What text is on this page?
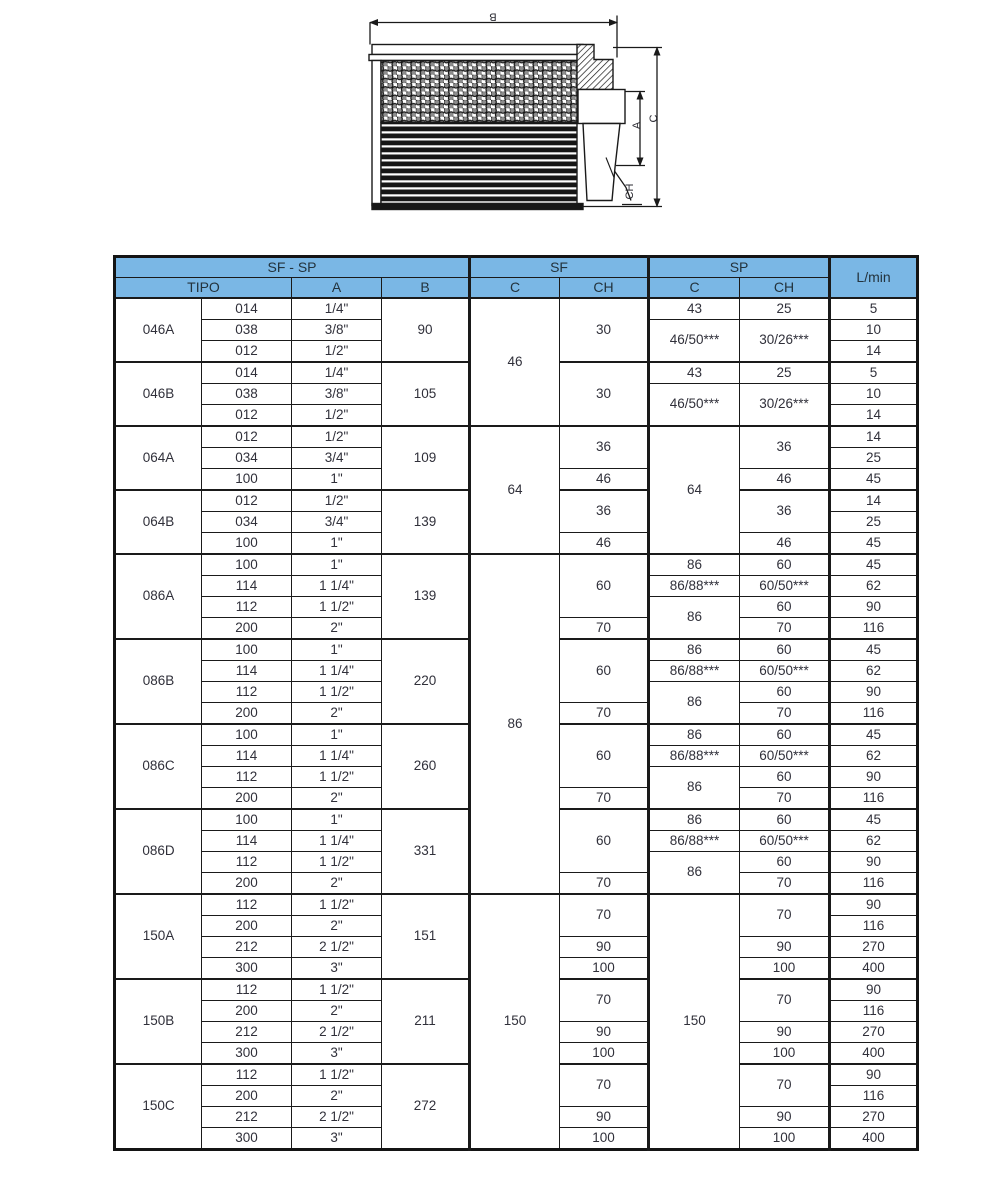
B
C
A
CH
SF - SP				SF		SP		L/min
TIPO		A	B	C	CH	C	CH	
046A	014	1/4"	90	46	30	43	25	5
	038	3/8"				46/50***	30/26***	10
	012	1/2"						14
046B	014	1/4"	105		30	43	25	5
	038	3/8"				46/50***	30/26***	10
	012	1/2"						14
064A	012	1/2"	109	64	36	64	36	14
	034	3/4"						25
	100	1"			46		46	45
064B	012	1/2"	139		36		36	14
	034	3/4"						25
	100	1"			46		46	45
086A	100	1"	139	86	60	86	60	45
	114	1 1/4"				86/88***	60/50***	62
	112	1 1/2"				86	60	90
	200	2"			70		70	116
086B	100	1"	220		60	86	60	45
	114	1 1/4"				86/88***	60/50***	62
	112	1 1/2"				86	60	90
	200	2"			70		70	116
086C	100	1"	260		60	86	60	45
	114	1 1/4"				86/88***	60/50***	62
	112	1 1/2"				86	60	90
	200	2"			70		70	116
086D	100	1"	331		60	86	60	45
	114	1 1/4"				86/88***	60/50***	62
	112	1 1/2"				86	60	90
	200	2"			70		70	116
150A	112	1 1/2"	151	150	70	150	70	90
	200	2"						116
	212	2 1/2"			90		90	270
	300	3"			100		100	400
150B	112	1 1/2"	211		70		70	90
	200	2"						116
	212	2 1/2"			90		90	270
	300	3"			100		100	400
150C	112	1 1/2"	272		70		70	90
	200	2"						116
	212	2 1/2"			90		90	270
	300	3"			100		100	400
